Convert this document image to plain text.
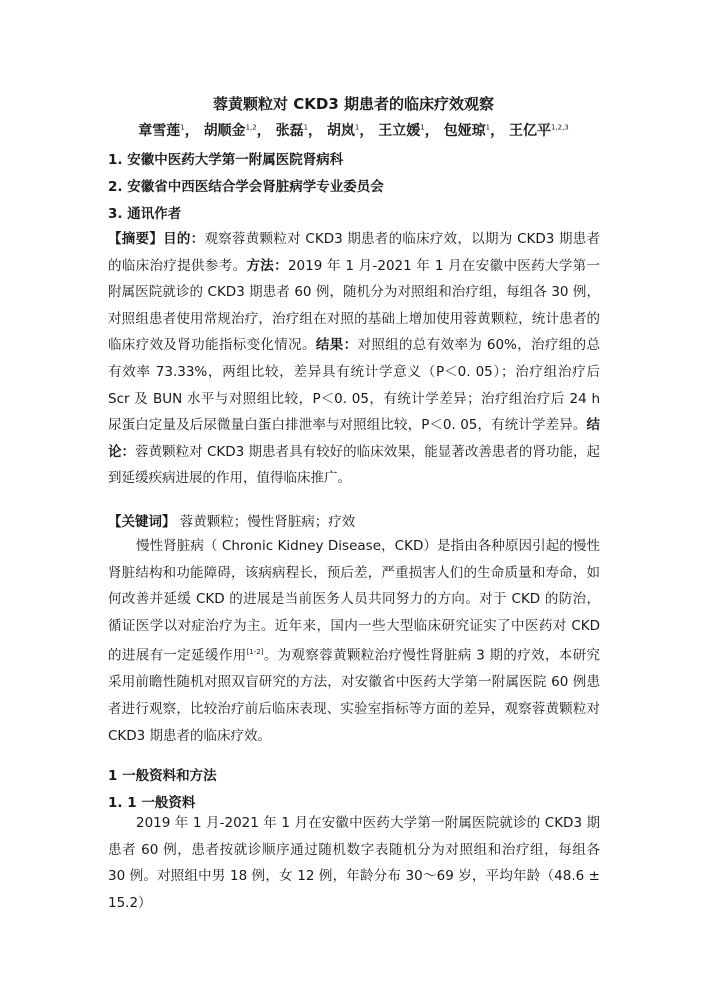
蓉黄颗粒对 CKD3 期患者的临床疗效观察
章雪莲$^1$， 胡顺金$^{1,2}$， 张磊$^1$， 胡岚$^1$， 王立媛$^1$， 包娅琼$^1$， 王亿平$^{1,2,3}$
1. 安徽中医药大学第一附属医院肾病科
2. 安徽省中西医结合学会肾脏病学专业委员会
3. 通讯作者
【摘要】目的：观察蓉黄颗粒对 CKD3 期患者的临床疗效，以期为 CKD3 期患者的临床治疗提供参考。方法：2019 年 1 月-2021 年 1 月在安徽中医药大学第一附属医院就诊的 CKD3 期患者 60 例，随机分为对照组和治疗组，每组各 30 例，对照组患者使用常规治疗，治疗组在对照的基础上增加使用蓉黄颗粒，统计患者的临床疗效及肾功能指标变化情况。结果：对照组的总有效率为 60%，治疗组的总有效率 73.33%，两组比较，差异具有统计学意义（P＜0. 05）；治疗组治疗后 Scr 及 BUN 水平与对照组比较，P＜0. 05，有统计学差异；治疗组治疗后 24 h 尿蛋白定量及后尿微量白蛋白排泄率与对照组比较，P＜0. 05，有统计学差异。结论：蓉黄颗粒对 CKD3 期患者具有较好的临床效果，能显著改善患者的肾功能，起到延缓疾病进展的作用，值得临床推广。
【关键词】 蓉黄颗粒；慢性肾脏病；疗效
慢性肾脏病（ Chronic Kidney Disease，CKD）是指由各种原因引起的慢性肾脏结构和功能障碍，该病病程长，预后差，严重损害人们的生命质量和寿命，如何改善并延缓 CKD 的进展是当前医务人员共同努力的方向。对于 CKD 的防治，循证医学以对症治疗为主。近年来，国内一些大型临床研究证实了中医药对 CKD 的进展有一定延缓作用[1-2]。为观察蓉黄颗粒治疗慢性肾脏病 3 期的疗效，本研究采用前瞻性随机对照双盲研究的方法，对安徽省中医药大学第一附属医院 60 例患者进行观察，比较治疗前后临床表现、实验室指标等方面的差异，观察蓉黄颗粒对 CKD3 期患者的临床疗效。
1 一般资料和方法
1. 1 一般资料
2019 年 1 月-2021 年 1 月在安徽中医药大学第一附属医院就诊的 CKD3 期患者 60 例，患者按就诊顺序通过随机数字表随机分为对照组和治疗组，每组各 30 例。对照组中男 18 例，女 12 例，年龄分布 30～69 岁，平均年龄（48.6 ± 15.2）
